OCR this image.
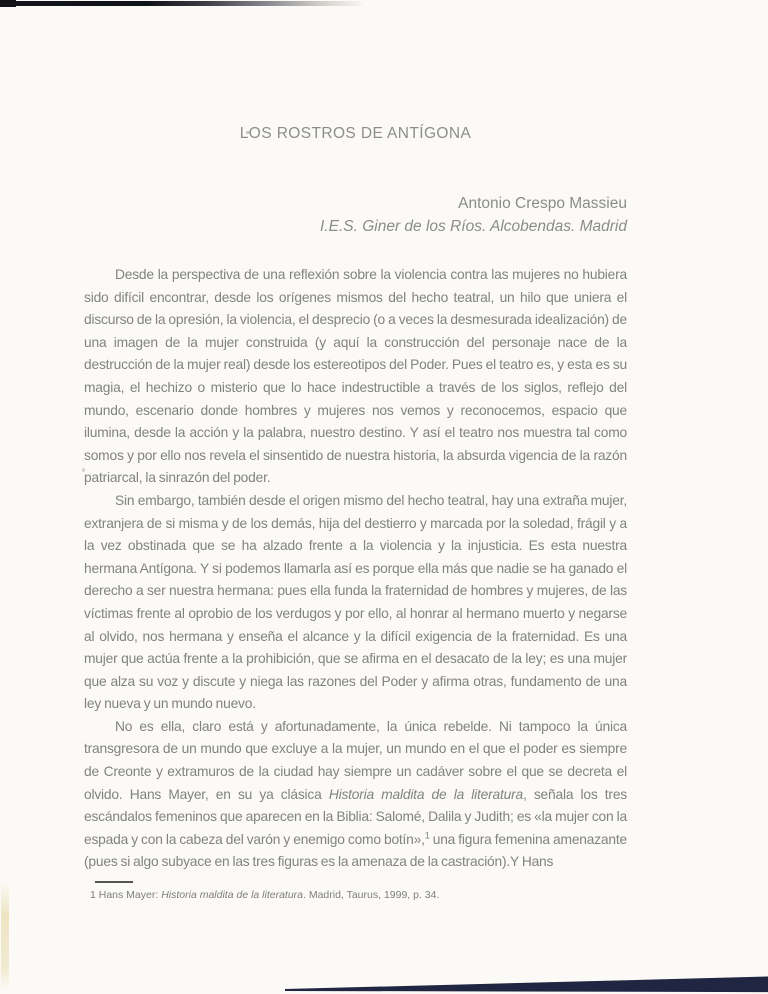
LOS ROSTROS DE ANTÍGONA
Antonio Crespo Massieu
I.E.S. Giner de los Ríos. Alcobendas. Madrid

Desde la perspectiva de una reflexión sobre la violencia contra las mujeres no hubiera sido difícil encontrar, desde los orígenes mismos del hecho teatral, un hilo que uniera el discurso de la opresión, la violencia, el desprecio (o a veces la desmesurada idealización) de una imagen de la mujer construida (y aquí la construcción del personaje nace de la destrucción de la mujer real) desde los estereotipos del Poder. Pues el teatro es, y esta es su magia, el hechizo o misterio que lo hace indestructible a través de los siglos, reflejo del mundo, escenario donde hombres y mujeres nos vemos y reconocemos, espacio que ilumina, desde la acción y la palabra, nuestro destino. Y así el teatro nos muestra tal como somos y por ello nos revela el sinsentido de nuestra historia, la absurda vigencia de la razón patriarcal, la sinrazón del poder.

Sin embargo, también desde el origen mismo del hecho teatral, hay una extraña mujer, extranjera de si misma y de los demás, hija del destierro y marcada por la soledad, frágil y a la vez obstinada que se ha alzado frente a la violencia y la injusticia. Es esta nuestra hermana Antígona. Y si podemos llamarla así es porque ella más que nadie se ha ganado el derecho a ser nuestra hermana: pues ella funda la fraternidad de hombres y mujeres, de las víctimas frente al oprobio de los verdugos y por ello, al honrar al hermano muerto y negarse al olvido, nos hermana y enseña el alcance y la difícil exigencia de la fraternidad. Es una mujer que actúa frente a la prohibición, que se afirma en el desacato de la ley; es una mujer que alza su voz y discute y niega las razones del Poder y afirma otras, fundamento de una ley nueva y un mundo nuevo.

No es ella, claro está y afortunadamente, la única rebelde. Ni tampoco la única transgresora de un mundo que excluye a la mujer, un mundo en el que el poder es siempre de Creonte y extramuros de la ciudad hay siempre un cadáver sobre el que se decreta el olvido. Hans Mayer, en su ya clásica Historia maldita de la literatura, señala los tres escándalos femeninos que aparecen en la Biblia: Salomé, Dalila y Judith; es «la mujer con la espada y con la cabeza del varón y enemigo como botín»,$^1$ una figura femenina amenazante (pues si algo subyace en las tres figuras es la amenaza de la castración).Y Hans

1 Hans Mayer: Historia maldita de la literatura. Madrid, Taurus, 1999, p. 34.
